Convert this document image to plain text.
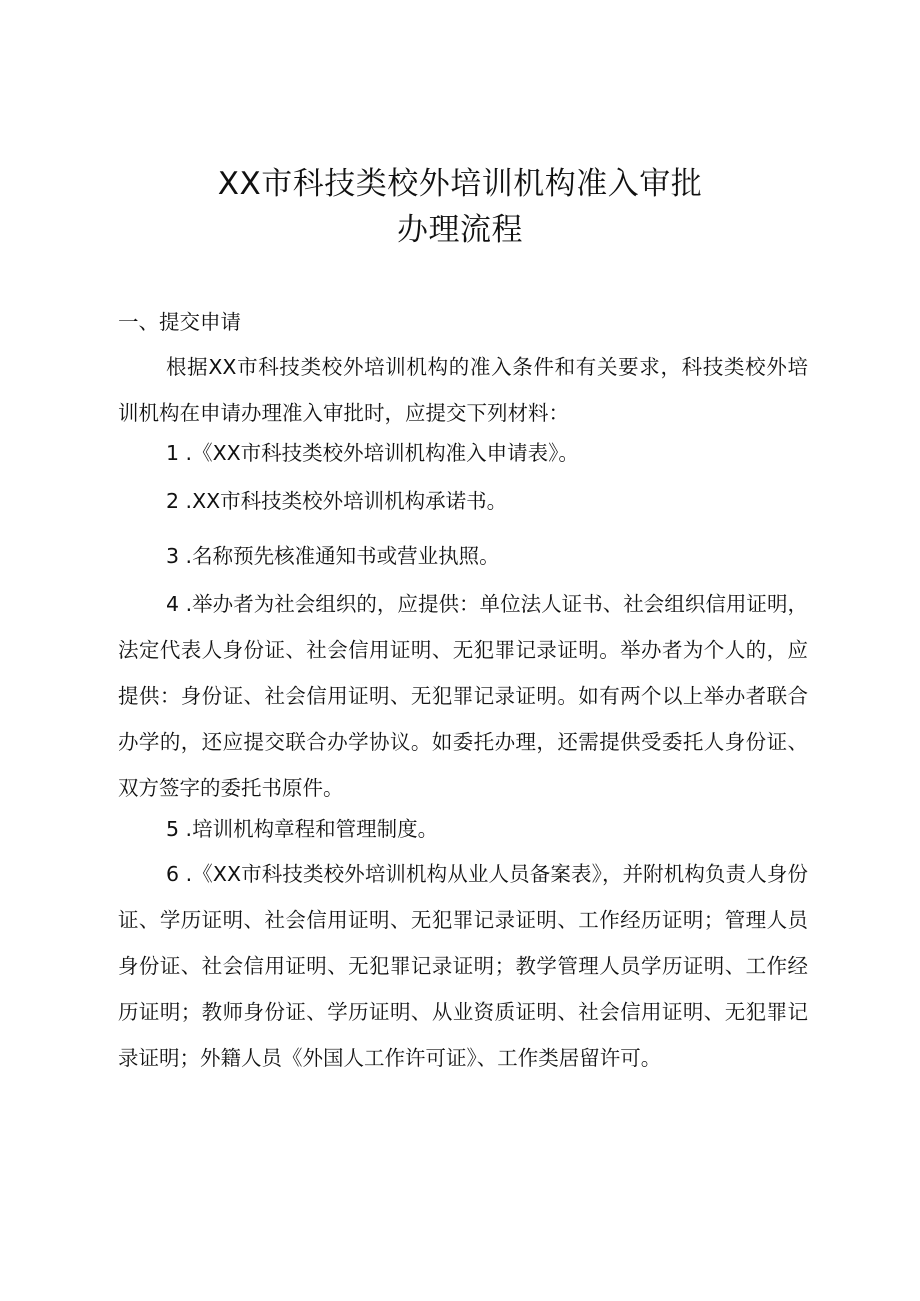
XX市科技类校外培训机构准入审批
办理流程

一、提交申请

根据XX市科技类校外培训机构的准入条件和有关要求，科技类校外培训机构在申请办理准入审批时，应提交下列材料：

1 .《XX市科技类校外培训机构准入申请表》。

2 .XX市科技类校外培训机构承诺书。

3 .名称预先核准通知书或营业执照。

4 .举办者为社会组织的，应提供：单位法人证书、社会组织信用证明，法定代表人身份证、社会信用证明、无犯罪记录证明。举办者为个人的，应提供：身份证、社会信用证明、无犯罪记录证明。如有两个以上举办者联合办学的，还应提交联合办学协议。如委托办理，还需提供受委托人身份证、双方签字的委托书原件。

5 .培训机构章程和管理制度。

6 .《XX市科技类校外培训机构从业人员备案表》，并附机构负责人身份证、学历证明、社会信用证明、无犯罪记录证明、工作经历证明；管理人员身份证、社会信用证明、无犯罪记录证明；教学管理人员学历证明、工作经历证明；教师身份证、学历证明、从业资质证明、社会信用证明、无犯罪记录证明；外籍人员《外国人工作许可证》、工作类居留许可。
